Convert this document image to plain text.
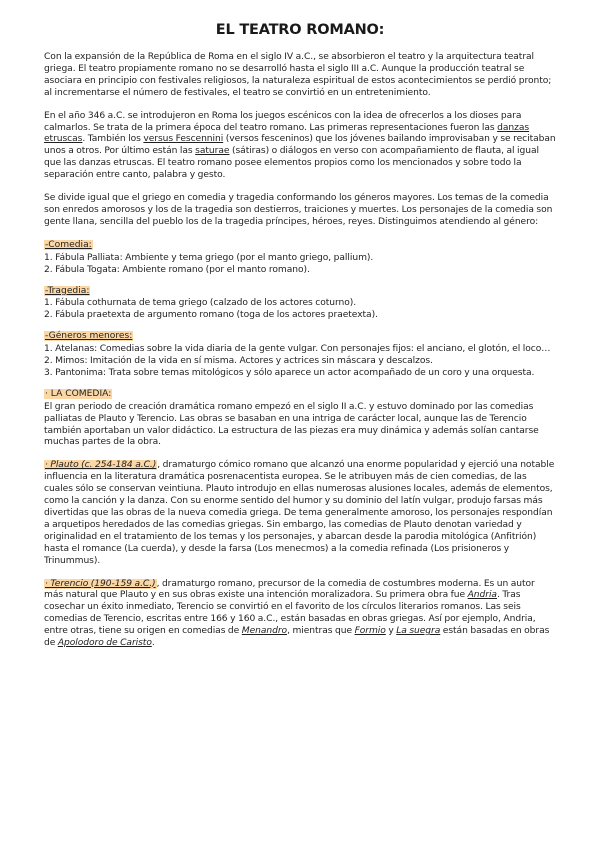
EL TEATRO ROMANO:

Con la expansión de la República de Roma en el siglo IV a.C., se absorbieron el teatro y la arquitectura teatral griega. El teatro propiamente romano no se desarrolló hasta el siglo III a.C. Aunque la producción teatral se asociara en principio con festivales religiosos, la naturaleza espiritual de estos acontecimientos se perdió pronto; al incrementarse el número de festivales, el teatro se convirtió en un entretenimiento.

En el año 346 a.C. se introdujeron en Roma los juegos escénicos con la idea de ofrecerlos a los dioses para calmarlos. Se trata de la primera época del teatro romano. Las primeras representaciones fueron las danzas etruscas. También los versus Fescennini (versos fesceninos) que los jóvenes bailando improvisaban y se recitaban unos a otros. Por último están las saturae (sátiras) o diálogos en verso con acompañamiento de flauta, al igual que las danzas etruscas. El teatro romano posee elementos propios como los mencionados y sobre todo la separación entre canto, palabra y gesto.

Se divide igual que el griego en comedia y tragedia conformando los géneros mayores. Los temas de la comedia son enredos amorosos y los de la tragedia son destierros, traiciones y muertes. Los personajes de la comedia son gente llana, sencilla del pueblo los de la tragedia príncipes, héroes, reyes. Distinguimos atendiendo al género:

-Comedia:
1. Fábula Palliata: Ambiente y tema griego (por el manto griego, pallium).
2. Fábula Togata: Ambiente romano (por el manto romano).
-Tragedia:
1. Fábula cothurnata de tema griego (calzado de los actores coturno).
2. Fábula praetexta de argumento romano (toga de los actores praetexta).
-Géneros menores:
1. Atelanas: Comedias sobre la vida diaria de la gente vulgar. Con personajes fijos: el anciano, el glotón, el loco…
2. Mimos: Imitación de la vida en sí misma. Actores y actrices sin máscara y descalzos.
3. Pantonima: Trata sobre temas mitológicos y sólo aparece un actor acompañado de un coro y una orquesta.
· LA COMEDIA:

El gran periodo de creación dramática romano empezó en el siglo II a.C. y estuvo dominado por las comedias palliatas de Plauto y Terencio. Las obras se basaban en una intriga de carácter local, aunque las de Terencio también aportaban un valor didáctico. La estructura de las piezas era muy dinámica y además solían cantarse muchas partes de la obra.

· Plauto (c. 254-184 a.C.), dramaturgo cómico romano que alcanzó una enorme popularidad y ejerció una notable influencia en la literatura dramática posrenacentista europea. Se le atribuyen más de cien comedias, de las cuales sólo se conservan veintiuna. Plauto introdujo en ellas numerosas alusiones locales, además de elementos, como la canción y la danza. Con su enorme sentido del humor y su dominio del latín vulgar, produjo farsas más divertidas que las obras de la nueva comedia griega. De tema generalmente amoroso, los personajes respondían a arquetipos heredados de las comedias griegas. Sin embargo, las comedias de Plauto denotan variedad y originalidad en el tratamiento de los temas y los personajes, y abarcan desde la parodia mitológica (Anfitrión) hasta el romance (La cuerda), y desde la farsa (Los menecmos) a la comedia refinada (Los prisioneros y Trinummus).

· Terencio (190-159 a.C.), dramaturgo romano, precursor de la comedia de costumbres moderna. Es un autor más natural que Plauto y en sus obras existe una intención moralizadora. Su primera obra fue Andria. Tras cosechar un éxito inmediato, Terencio se convirtió en el favorito de los círculos literarios romanos. Las seis comedias de Terencio, escritas entre 166 y 160 a.C., están basadas en obras griegas. Así por ejemplo, Andria, entre otras, tiene su origen en comedias de Menandro, mientras que Formio y La suegra están basadas en obras de Apolodoro de Caristo.
